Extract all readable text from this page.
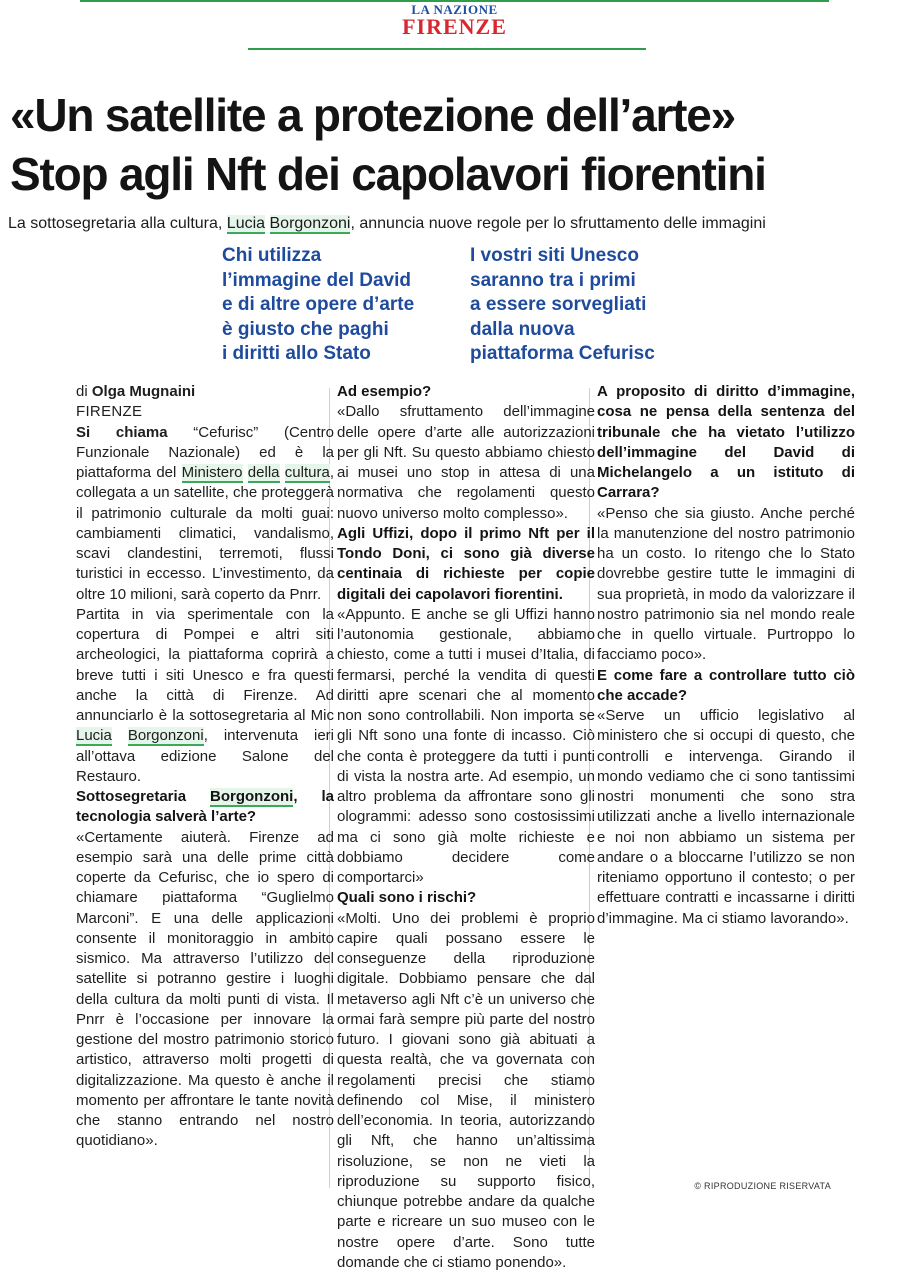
LA NAZIONE
FIRENZE
«Un satellite a protezione dell’arte»
Stop agli Nft dei capolavori fiorentini
La sottosegretaria alla cultura, Lucia Borgonzoni, annuncia nuove regole per lo sfruttamento delle immagini
Chi utilizza
l’immagine del David
e di altre opere d’arte
è giusto che paghi
i diritti allo Stato
I vostri siti Unesco
saranno tra i primi
a essere sorvegliati
dalla nuova
piattaforma Cefurisc

di Olga Mugnaini
FIRENZE

Si chiama “Cefurisc” (Centro Funzionale Nazionale) ed è la piattaforma del Ministero della cultura, collegata a un satellite, che proteggerà il patrimonio culturale da molti guai: cambiamenti climatici, vandalismo, scavi clandestini, terremoti, flussi turistici in eccesso. L’investimento, da oltre 10 milioni, sarà coperto da Pnrr.

Partita in via sperimentale con la copertura di Pompei e altri siti archeologici, la piattaforma coprirà a breve tutti i siti Unesco e fra questi anche la città di Firenze. Ad annunciarlo è la sottosegretaria al Mic Lucia Borgonzoni, intervenuta ieri all’ottava edizione Salone del Restauro.

Sottosegretaria Borgonzoni, la tecnologia salverà l’arte?

«Certamente aiuterà. Firenze ad esempio sarà una delle prime città coperte da Cefurisc, che io spero di chiamare piattaforma “Guglielmo Marconi”. E una delle applicazioni consente il monitoraggio in ambito sismico. Ma attraverso l’utilizzo del satellite si potranno gestire i luoghi della cultura da molti punti di vista. Il Pnrr è l’occasione per innovare la gestione del mostro patrimonio storico artistico, attraverso molti progetti di digitalizzazione. Ma questo è anche il momento per affrontare le tante novità che stanno entrando nel nostro quotidiano».

Ad esempio?

«Dallo sfruttamento dell’immagine delle opere d’arte alle autorizzazioni per gli Nft. Su questo abbiamo chiesto ai musei uno stop in attesa di una normativa che regolamenti questo nuovo universo molto complesso».

Agli Uffizi, dopo il primo Nft per il Tondo Doni, ci sono già diverse centinaia di richieste per copie digitali dei capolavori fiorentini.

«Appunto. E anche se gli Uffizi hanno l’autonomia gestionale, abbiamo chiesto, come a tutti i musei d’Italia, di fermarsi, perché la vendita di questi diritti apre scenari che al momento non sono controllabili. Non importa se gli Nft sono una fonte di incasso. Ciò che conta è proteggere da tutti i punti di vista la nostra arte. Ad esempio, un altro problema da affrontare sono gli ologrammi: adesso sono costosissimi ma ci sono già molte richieste e dobbiamo decidere come comportarci»

Quali sono i rischi?

«Molti. Uno dei problemi è proprio capire quali possano essere le conseguenze della riproduzione digitale. Dobbiamo pensare che dal metaverso agli Nft c’è un universo che ormai farà sempre più parte del nostro futuro. I giovani sono già abituati a questa realtà, che va governata con regolamenti precisi che stiamo definendo col Mise, il ministero dell’economia. In teoria, autorizzando gli Nft, che hanno un’altissima risoluzione, se non ne vieti la riproduzione su supporto fisico, chiunque potrebbe andare da qualche parte e ricreare un suo museo con le nostre opere d’arte. Sono tutte domande che ci stiamo ponendo».

A proposito di diritto d’immagine, cosa ne pensa della sentenza del tribunale che ha vietato l’utilizzo dell’immagine del David di Michelangelo a un istituto di Carrara?

«Penso che sia giusto. Anche perché la manutenzione del nostro patrimonio ha un costo. Io ritengo che lo Stato dovrebbe gestire tutte le immagini di sua proprietà, in modo da valorizzare il nostro patrimonio sia nel mondo reale che in quello virtuale. Purtroppo lo facciamo poco».

E come fare a controllare tutto ciò che accade?

«Serve un ufficio legislativo al ministero che si occupi di questo, che controlli e intervenga. Girando il mondo vediamo che ci sono tantissimi nostri monumenti che sono stra utilizzati anche a livello internazionale e noi non abbiamo un sistema per andare o a bloccarne l’utilizzo se non riteniamo opportuno il contesto; o per effettuare contratti e incassarne i diritti d’immagine. Ma ci stiamo lavorando».

© RIPRODUZIONE RISERVATA
